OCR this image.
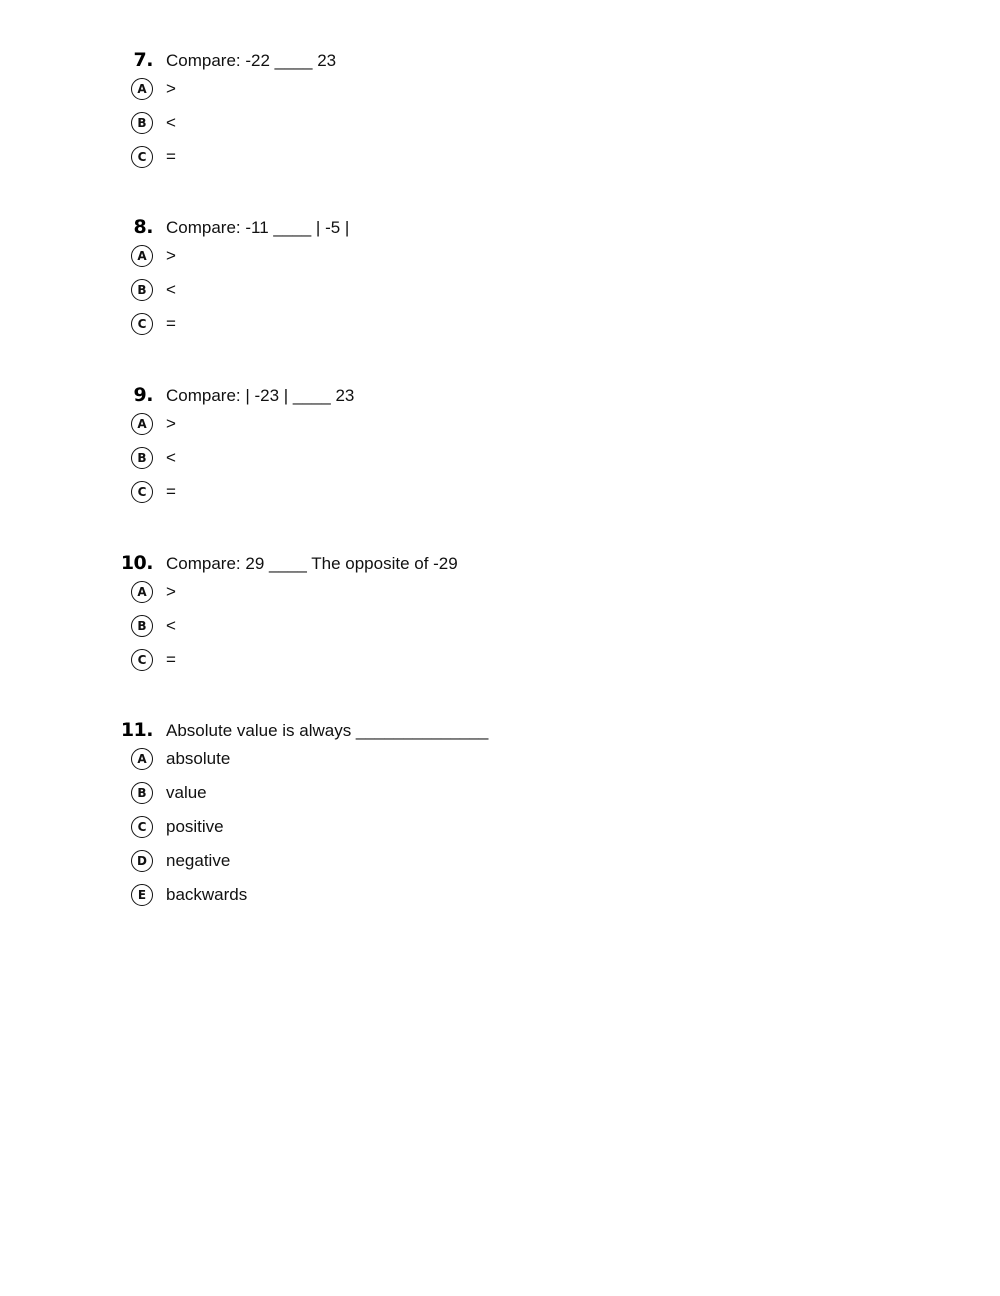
7. Compare: -22 ____ 23
A	>
B	<
C	=
8. Compare: -11 ____ | -5 |
A	>
B	<
C	=
9. Compare: | -23 | ____ 23
A	>
B	<
C	=
10. Compare: 29 ____ The opposite of -29
A	>
B	<
C	=
11. Absolute value is always ______________
A	absolute
B	value
C	positive
D	negative
E	backwards
